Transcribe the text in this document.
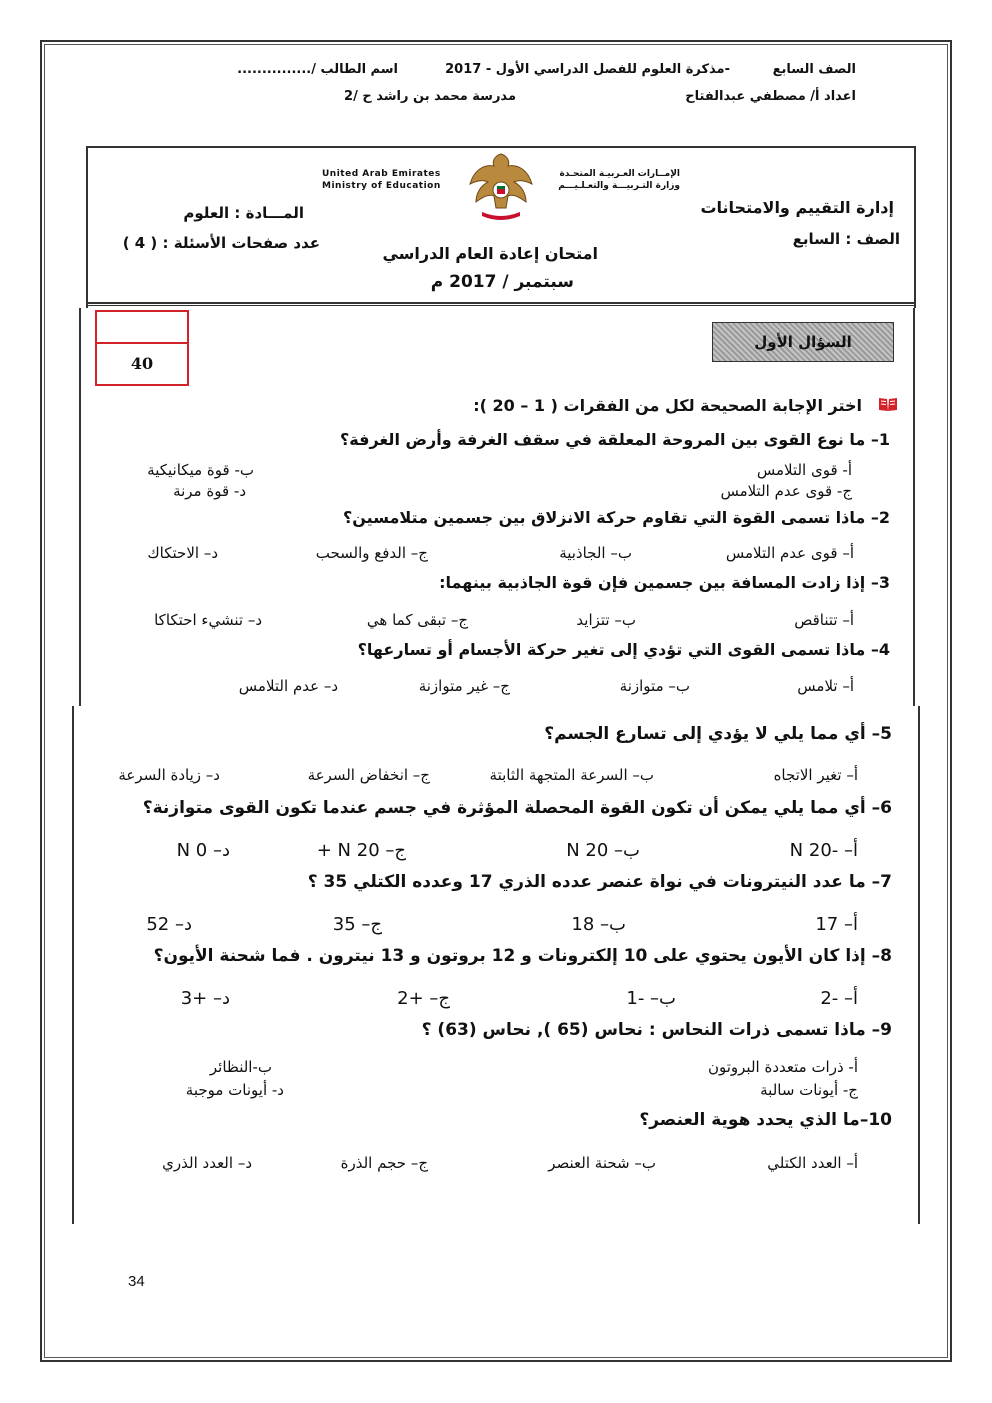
الصف السابع
-مذكرة العلوم للفصل الدراسي الأول - 2017
اسم الطالب /...............
اعداد أ/ مصطفي عبدالفتاح
مدرسة محمد بن راشد ح /2
United Arab Emirates
Ministry of Education
الإمــارات العـربيـة المتحـدة
وزارة التـربيـــة والتعـلـيـــم
إدارة التقييم والامتحانات
الصف : السابع
المـــادة : العلوم
عدد صفحات الأسئلة : ( 4 )
امتحان إعادة العام الدراسي
سبتمبر / 2017 م
40
السؤال الأول
اختر الإجابة الصحيحة لكل من الفقرات ( 1 – 20 ):
1– ما نوع القوى بين المروحة المعلقة في سقف الغرفة وأرض الغرفة؟
أ- قوى التلامس
ب- قوة ميكانيكية
ج- قوى عدم التلامس
د- قوة مرنة
2– ماذا تسمى القوة التي تقاوم حركة الانزلاق بين جسمين متلامسين؟
أ– قوى عدم التلامس
ب– الجاذبية
ج– الدفع والسحب
د– الاحتكاك
3– إذا زادت المسافة بين جسمين فإن قوة الجاذبية بينهما:
أ– تتناقص
ب– تتزايد
ج– تبقى كما هي
د– تنشيء احتكاكا
4– ماذا تسمى القوى التي تؤدي إلى تغير حركة الأجسام أو تسارعها؟
أ– تلامس
ب– متوازنة
ج– غير متوازنة
د– عدم التلامس
5– أي مما يلي لا يؤدي إلى تسارع الجسم؟
أ– تغير الاتجاه
ب– السرعة المتجهة الثابتة
ج– انخفاض السرعة
د– زيادة السرعة
6– أي مما يلي يمكن أن تكون القوة المحصلة المؤثرة في جسم عندما تكون القوى متوازنة؟
أ– -20 N
ب– 20 N
ج– 20 N +
د– 0 N
7– ما عدد النيترونات في نواة عنصر عدده الذري 17 وعدده الكتلي 35 ؟
أ– 17
ب– 18
ج– 35
د– 52
8– إذا كان الأيون يحتوي على 10 إلكترونات و 12 بروتون و 13 نيترون . فما شحنة الأيون؟
أ– -2
ب– -1
ج– +2
د– +3
9– ماذا تسمى ذرات النحاس : نحاس (65 ), نحاس (63) ؟
أ- ذرات متعددة البروتون
ب-النظائر
ج- أيونات سالبة
د- أيونات موجبة
10–ما الذي يحدد هوية العنصر؟
أ– العدد الكتلي
ب– شحنة العنصر
ج– حجم الذرة
د– العدد الذري
34
